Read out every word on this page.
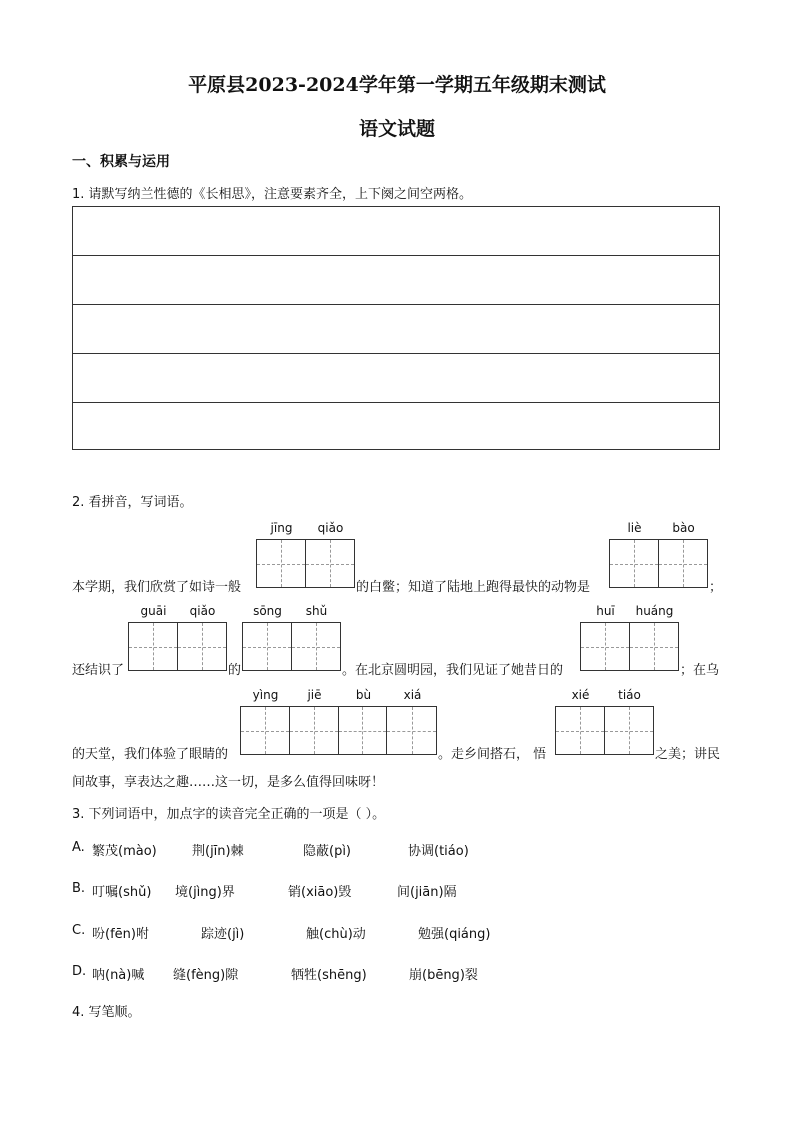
平原县2023-2024学年第一学期五年级期末测试
语文试题
一、积累与运用
1. 请默写纳兰性德的《长相思》，注意要素齐全，上下阕之间空两格。
2. 看拼音，写词语。
jīng	qiǎo	liè	bào
本学期，我们欣赏了如诗一般	的白鳖；知道了陆地上跑得最快的动物是	；
guāi	qiǎo	sōng	shǔ	huī	huáng
还结识了	的	。在北京圆明园，我们见证了她昔日的	；在乌
yìng	jiē	bù	xiá	xié	tiáo
的天堂，我们体验了眼睛的	。走乡间搭石， 悟	之美；讲民
间故事，享表达之趣……这一切，是多么值得回味呀！
3. 下列词语中，加点字的读音完全正确的一项是（ ）。
A. 繁茂(mào)	荆(jīn)棘	隐蔽(pì)	协调(tiáo)
B. 叮嘱(shǔ) 境(jìng)界	销(xiāo)毁	间(jiān)隔
C. 吩(fēn)咐	踪迹(jì)	触(chù)动	勉强(qiáng)
D. 呐(nà)喊 缝(fèng)隙	牺牲(shēng)	崩(bēng)裂
4. 写笔顺。
